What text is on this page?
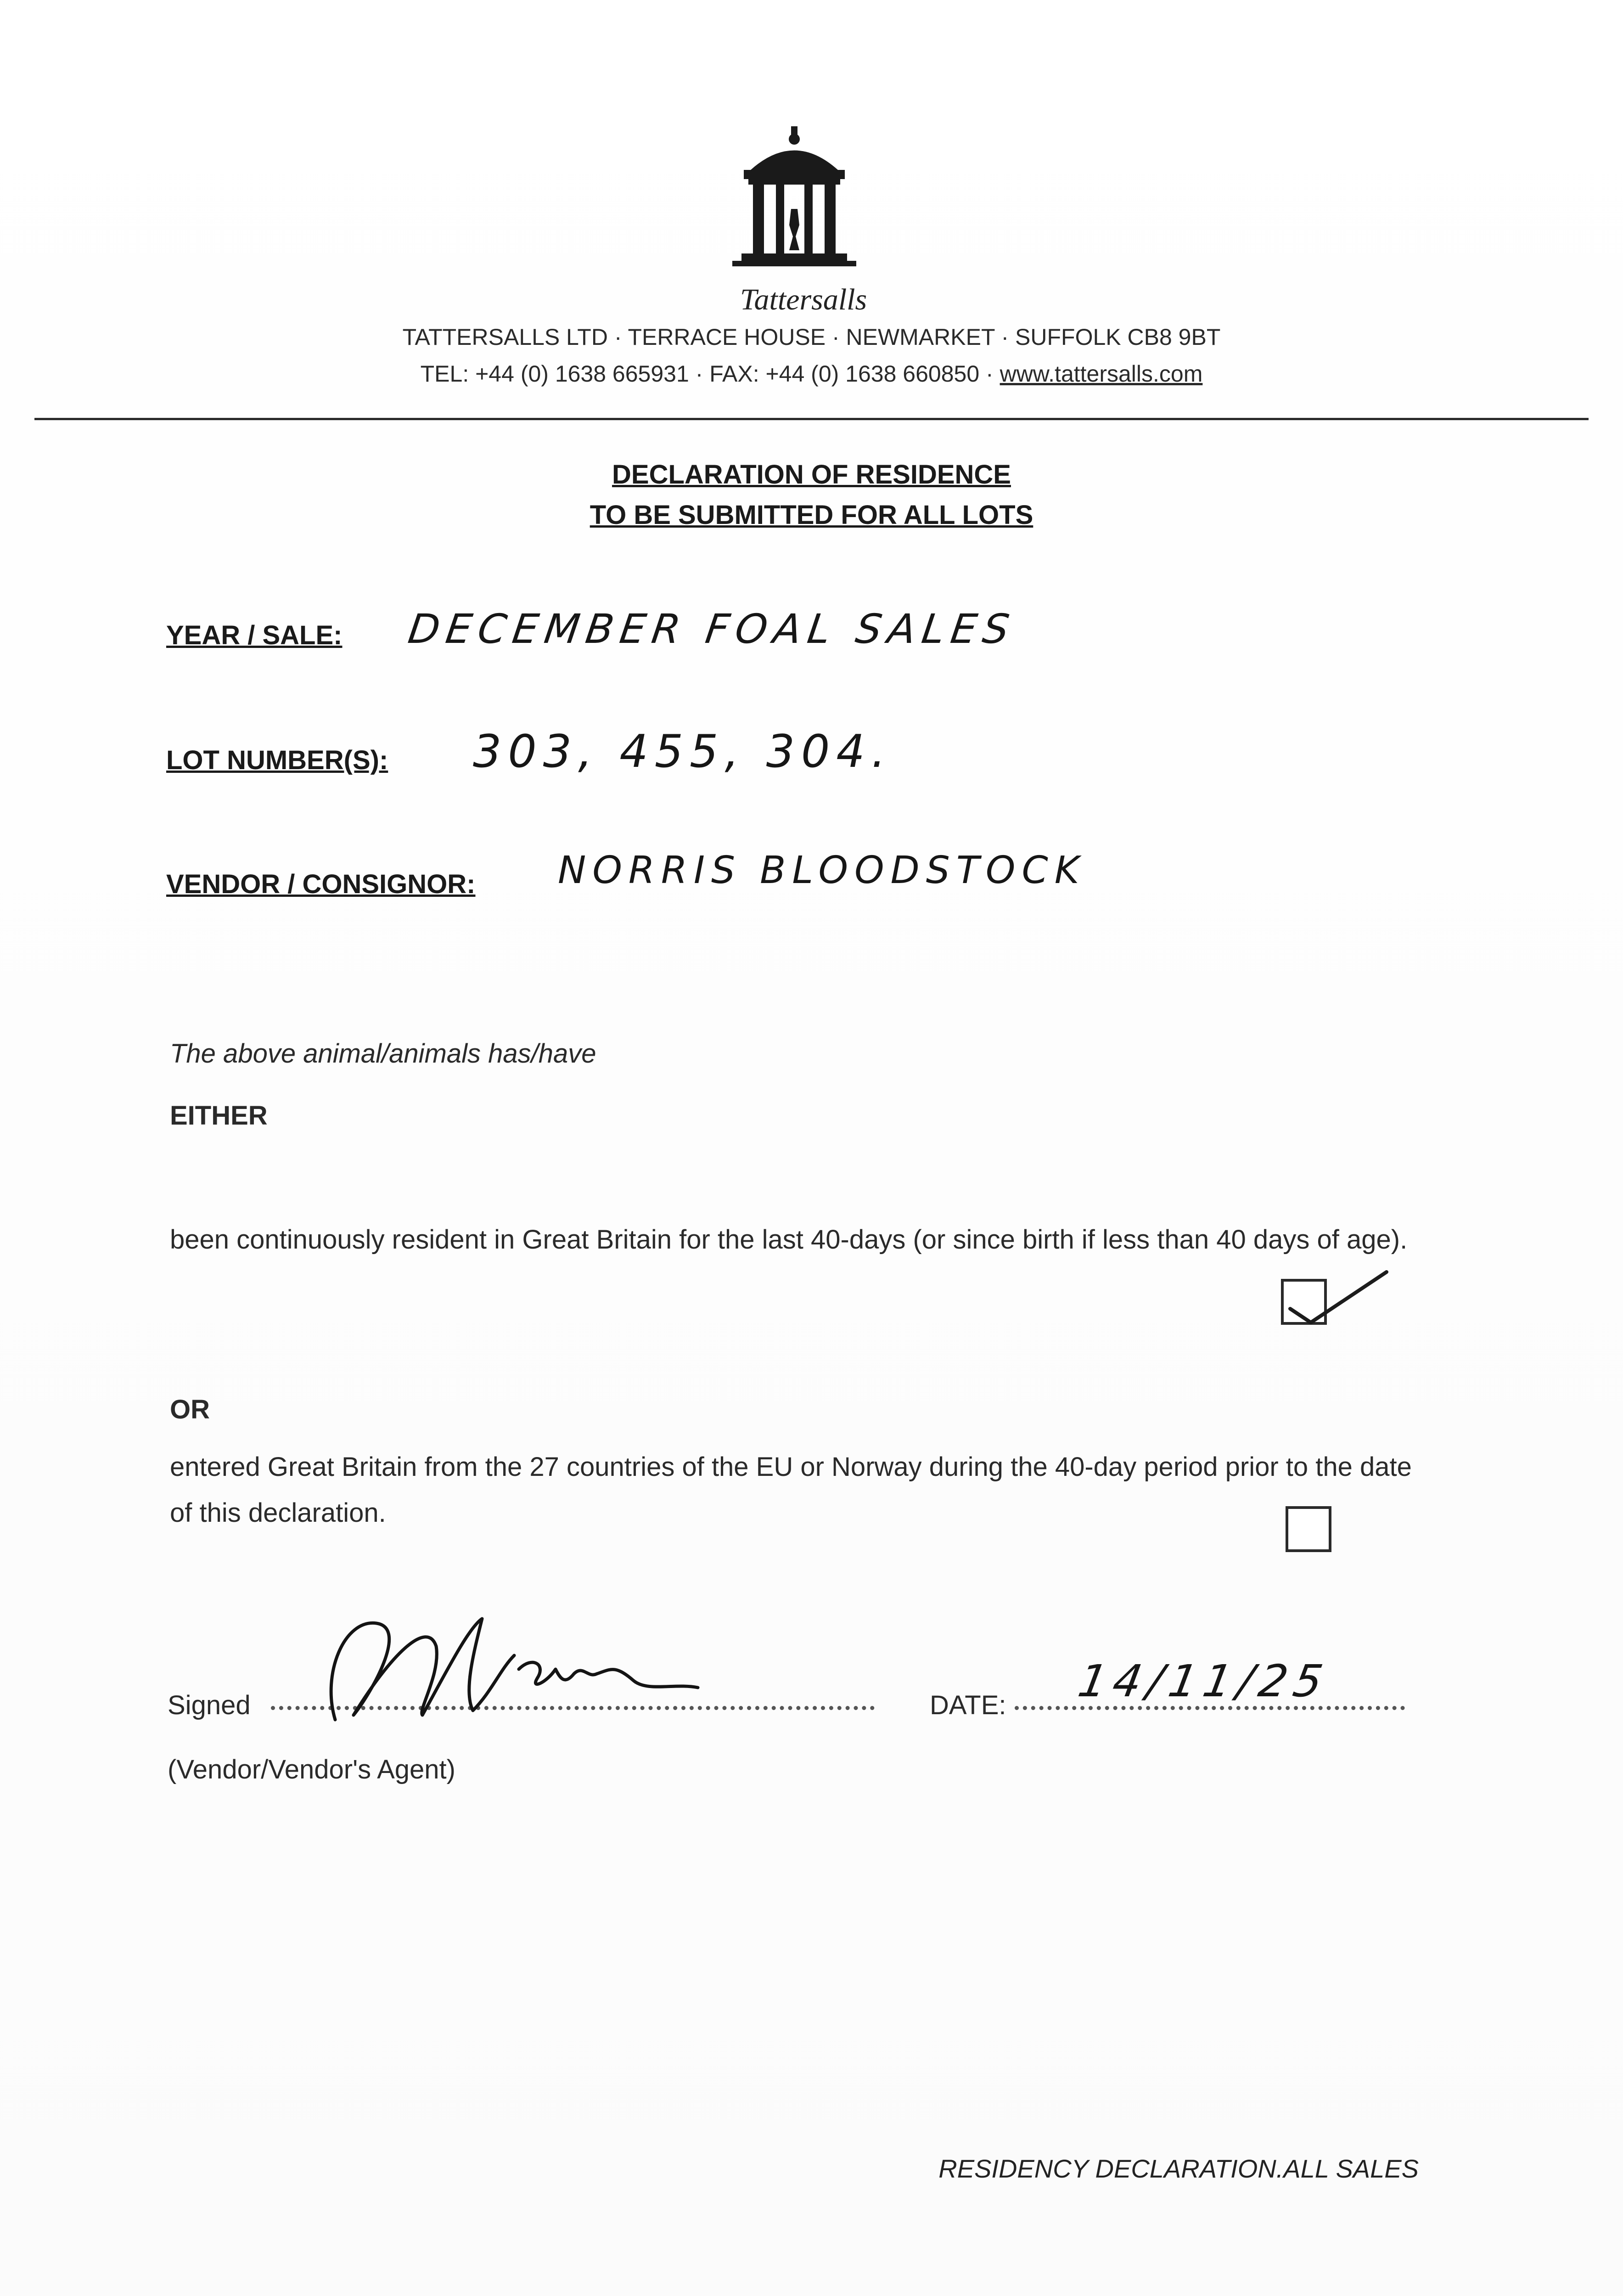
Tattersalls
TATTERSALLS LTD · TERRACE HOUSE · NEWMARKET · SUFFOLK CB8 9BT
TEL: +44 (0) 1638 665931 · FAX: +44 (0) 1638 660850 · www.tattersalls.com
DECLARATION OF RESIDENCE
TO BE SUBMITTED FOR ALL LOTS
YEAR / SALE: DECEMBER FOAL SALES
LOT NUMBER(S): 303, 455, 304.
VENDOR / CONSIGNOR: NORRIS BLOODSTOCK
The above animal/animals has/have
EITHER
been continuously resident in Great Britain for the last 40-days (or since birth if less than 40 days of age).
OR
entered Great Britain from the 27 countries of the EU or Norway during the 40-day period prior to the date of this declaration.
Signed	DATE: 14/11/25
(Vendor/Vendor's Agent)
RESIDENCY DECLARATION.ALL SALES
